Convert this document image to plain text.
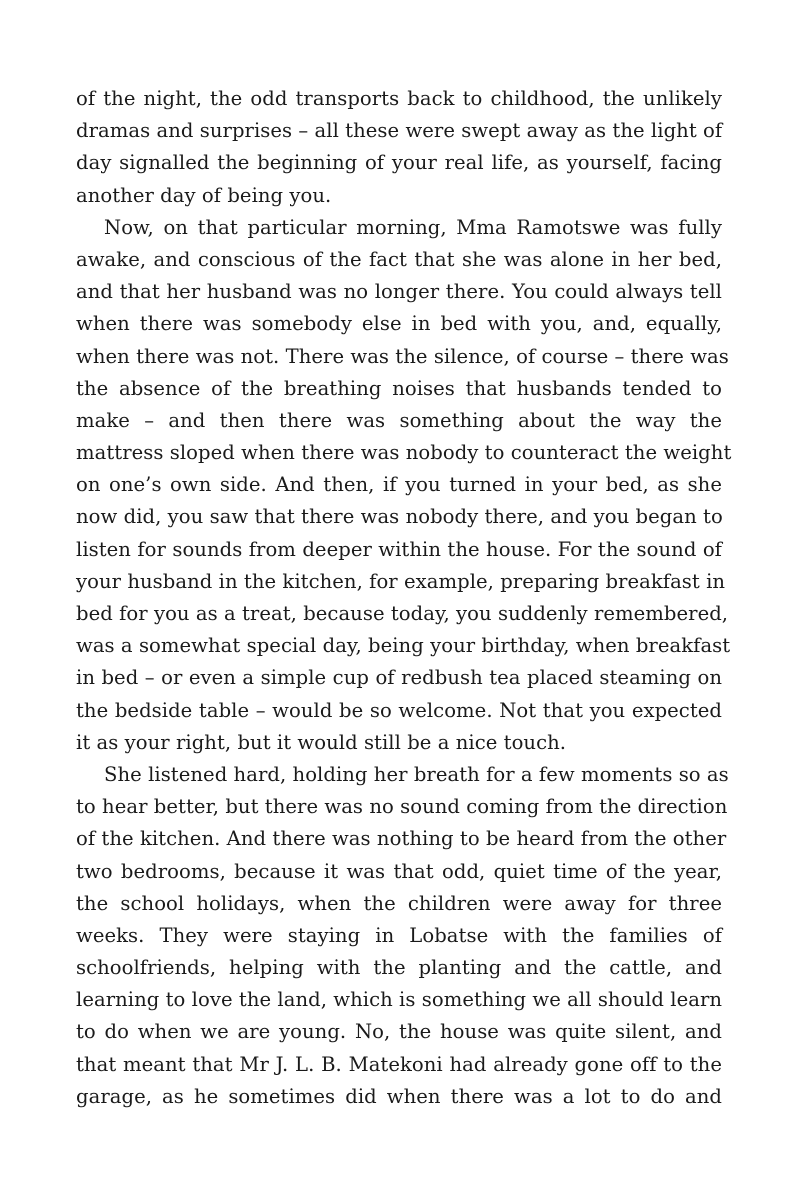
of the night, the odd transports back to childhood, the unlikely
dramas and surprises – all these were swept away as the light of
day signalled the beginning of your real life, as yourself, facing
another day of being you.
Now, on that particular morning, Mma Ramotswe was fully
awake, and conscious of the fact that she was alone in her bed,
and that her husband was no longer there. You could always tell
when there was somebody else in bed with you, and, equally,
when there was not. There was the silence, of course – there was
the absence of the breathing noises that husbands tended to
make – and then there was something about the way the
mattress sloped when there was nobody to counteract the weight
on one’s own side. And then, if you turned in your bed, as she
now did, you saw that there was nobody there, and you began to
listen for sounds from deeper within the house. For the sound of
your husband in the kitchen, for example, preparing breakfast in
bed for you as a treat, because today, you suddenly remembered,
was a somewhat special day, being your birthday, when breakfast
in bed – or even a simple cup of redbush tea placed steaming on
the bedside table – would be so welcome. Not that you expected
it as your right, but it would still be a nice touch.
She listened hard, holding her breath for a few moments so as
to hear better, but there was no sound coming from the direction
of the kitchen. And there was nothing to be heard from the other
two bedrooms, because it was that odd, quiet time of the year,
the school holidays, when the children were away for three
weeks. They were staying in Lobatse with the families of
schoolfriends, helping with the planting and the cattle, and
learning to love the land, which is something we all should learn
to do when we are young. No, the house was quite silent, and
that meant that Mr J. L. B. Matekoni had already gone off to the
garage, as he sometimes did when there was a lot to do and
